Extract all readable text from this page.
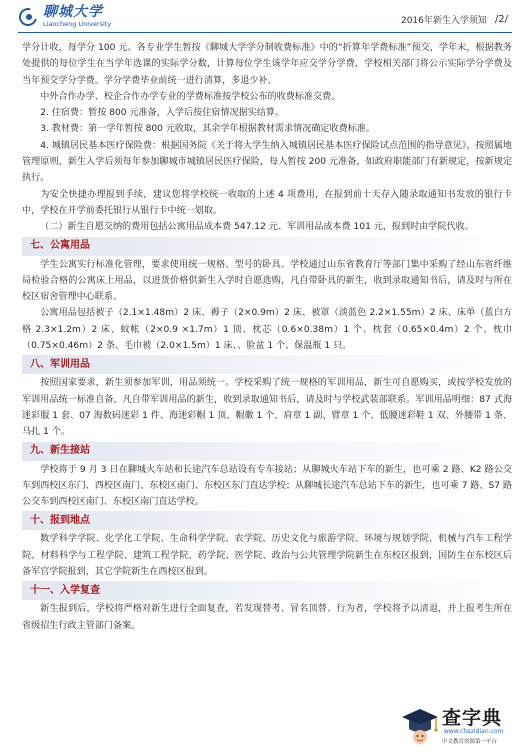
聊城大学
Liaocheng University	2016年新生入学须知 /2/

学分计收，每学分 100 元。各专业学生暂按《聊城大学学分制收费标准》中的“折算年学费标准”预交，学年末，根据教务处提供的每位学生在当学年选课的实际学分数，计算每位学生该学年应交学分学费，学校相关部门将公示实际学分学费及当年预交学分学费。学分学费毕业前统一进行清算，多退少补。

中外合作办学、校企合作办学专业的学费标准按学校公布的收费标准交费。

2. 住宿费：暂按 800 元准备，入学后按住宿情况据实结算。

3. 教材费：第一学年暂按 800 元收取，其余学年根据教材需求情况确定收费标准。

4. 城镇居民基本医疗保险费：根据国务院《关于将大学生纳入城镇居民基本医疗保险试点范围的指导意见》，按照属地管理原则，新生入学后须每年参加聊城市城镇居民医疗保险，每人暂按 200 元准备，如政府职能部门有新规定，按新规定执行。

为安全快捷办理报到手续，建议您将学校统一收取的上述 4 项费用，在报到前十天存入随录取通知书发放的银行卡中，学校在开学前委托银行从银行卡中统一划取。

（二）新生自愿交纳的费用包括公寓用品成本费 547.12 元、军训用品成本费 101 元，报到时由学院代收。

七、公寓用品

学生公寓实行标准化管理，要求使用统一规格、型号的卧具。学校通过山东省教育厅等部门集中采购了经山东省纤维局检验合格的公寓床上用品，以进货价格供新生入学时自愿选购，凡自带卧具的新生，收到录取通知书后，请及时与所在校区宿舍管理中心联系。

公寓用品包括被子（2.1×1.48m）2 床、褥子（2×0.9m）2 床、被罩（淡蓝色 2.2×1.55m）2 床、床单（蓝白方格 2.3×1.2m）2 床、蚊帐（2×0.9 ×1.7m）1 顶、枕芯（0.6×0.38m）1 个、枕套（0.65×0.4m）2 个、枕巾（0.75×0.46m）2 条、毛巾被（2.0×1.5m）1 床、、脸盆 1 个、保温瓶 1 只。

八、军训用品

按照国家要求，新生须参加军训，用品须统一。学校采购了统一规格的军训用品，新生可自愿购买，或按学校发放的军训用品统一标准自备，凡自带军训用品的新生，收到录取通知书后，请及时与学校武装部联系。军训用品明细：87 式海迷彩服 1 套、07 海数码迷彩 1 件、海迷彩帽 1 顶、帽徽 1 个、肩章 1 副、臂章 1 个、低腰迷彩鞋 1 双、外腰带 1 条、马扎 1 个。

九、新生接站

学校将于 9 月 3 日在聊城火车站和长途汽车总站设有专车接站；从聊城火车站下车的新生，也可乘 2 路、K2 路公交车到西校区东门、西校区南门、东校区南门、东校区东门直达学校；从聊城长途汽车总站下车的新生，也可乘 7 路、S7 路公交车到西校区南门、东校区南门直达学校。

十、报到地点

数学科学学院、化学化工学院、生命科学学院、农学院、历史文化与旅游学院、环境与规划学院、机械与汽车工程学院、材料科学与工程学院、建筑工程学院、药学院、医学院、政治与公共管理学院新生在东校区报到，国防生在东校区后备军官学院报到，其它学院新生在西校区报到。

十一、入学复查

新生报到后，学校将严格对新生进行全面复查，若发现替考、冒名顶替、行为者，学校将予以清退，并上报考生所在省级招生行政主管部门备案。

查字典
www.chazidian.com
中文教育资源第一平台
